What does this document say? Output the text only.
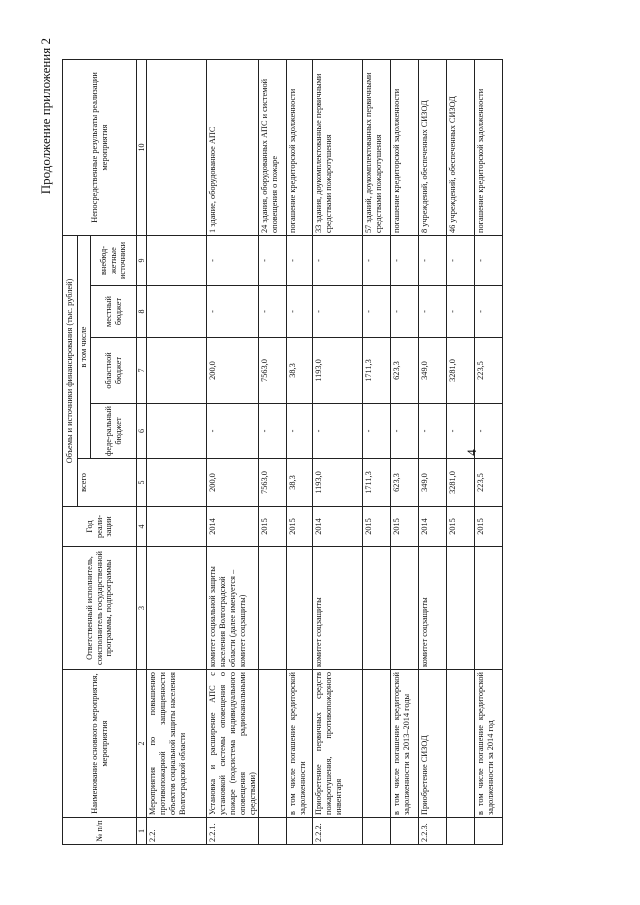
Продолжение приложения 2
№ п/п	Наименование основного мероприятия, мероприятия	Ответственный исполнитель, соисполнитель государственной программы, подпрограммы	Год реали-зации	Объемы и источники финансирования (тыс. рублей)					Непосредственные результаты реализации мероприятия
				всего	в том числе				
					феде-ральный бюджет	областной бюджет	местный бюджет	внебюд-жетные источники	
1	2	3	4	5	6	7	8	9	10
2.2.	Мероприятия по повышению противопожарной защищенности объектов социальной защиты населения Волгоградской области								
2.2.1.	Установка и расширение АПС с установкой системы оповещения о пожаре (подсистема индивидуального оповещения радиоканальными средствами)	комитет социальной защиты населения Волгоградской области (далее именуется – комитет соцзащиты)	2014	200,0	-	200,0	-	-	1 здание, оборудованное АПС
			2015	7563,0	-	7563,0	-	-	24 здания, оборудованных АПС и системой оповещения о пожаре
	в том числе погашение кредиторской задолженности		2015	38,3	-	38,3	-	-	погашение кредиторской задолженности
2.2.2.	Приобретение первичных средств пожаротушения, противопожарного инвентаря	комитет соцзащиты	2014	1193,0	-	1193,0	-	-	33 здания, доукомплектованные первичными средствами пожаротушения
			2015	1711,3	-	1711,3	-	-	57 зданий, доукомплектованных первичными средствами пожаротушения
	в том числе погашение кредиторской задолженности за 2013–2014 годы		2015	623,3	-	623,3	-	-	погашение кредиторской задолженности
2.2.3.	Приобретение СИЗОД	комитет соцзащиты	2014	349,0	-	349,0	-	-	8 учреждений, обеспеченных СИЗОД
			2015	3281,0	-	3281,0	-	-	46 учреждений, обеспеченных СИЗОД
	в том числе погашение кредиторской задолженности за 2014 год		2015	223,5	-	223,5	-	-	погашение кредиторской задолженности
4
